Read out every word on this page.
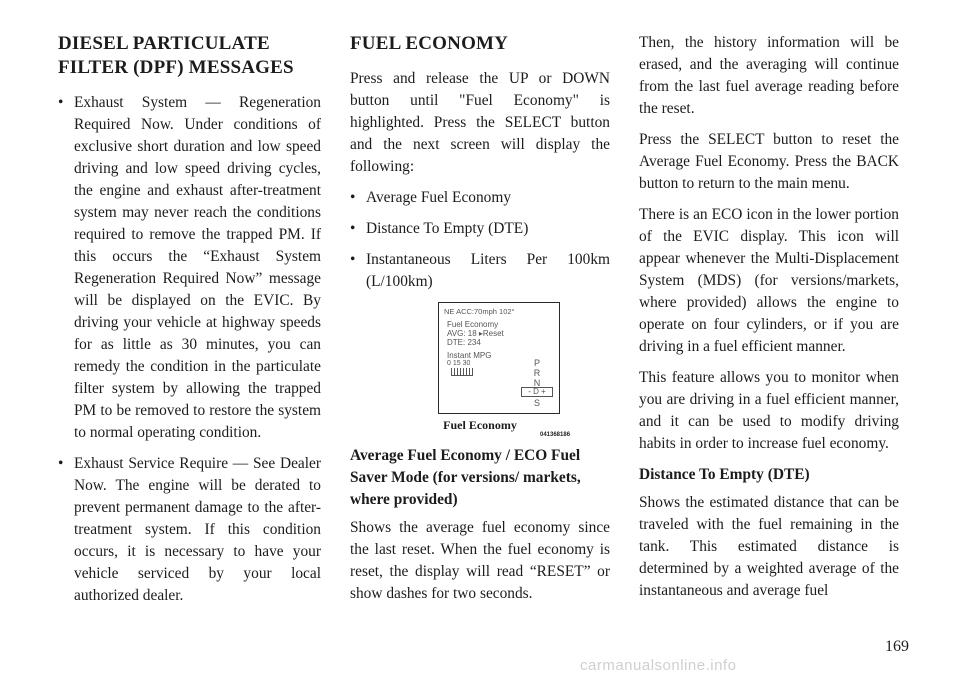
DIESEL PARTICULATE
FILTER (DPF) MESSAGES
• Exhaust System — Regeneration Required Now. Under conditions of exclusive short duration and low speed driving and low speed driving cycles, the engine and exhaust after-treatment system may never reach the conditions required to remove the trapped PM. If this occurs the “Exhaust System Regeneration Required Now” message will be displayed on the EVIC. By driving your vehicle at highway speeds for as little as 30 minutes, you can remedy the condition in the particulate filter system by allowing the trapped PM to be removed to restore the system to normal operating condition.
• Exhaust Service Require — See Dealer Now. The engine will be derated to prevent permanent damage to the after-treatment system. If this condition occurs, it is necessary to have your vehicle serviced by your local authorized dealer.
FUEL ECONOMY

Press and release the UP or DOWN button until "Fuel Economy" is highlighted. Press the SELECT button and the next screen will display the following:

• Average Fuel Economy
• Distance To Empty (DTE)
• Instantaneous Liters Per 100km (L/100km)
NE ACC:70mph 102°
Fuel Economy
AVG: 18 ▸Reset
DTE: 234
Instant MPG
0 15 30	P
R
N
S
- D +
Fuel Economy
Average Fuel Economy / ECO Fuel Saver Mode (for versions/ markets, where provided)

Shows the average fuel economy since the last reset. When the fuel economy is reset, the display will read “RESET” or show dashes for two seconds.

041368186

Then, the history information will be erased, and the averaging will continue from the last fuel average reading before the reset.

Press the SELECT button to reset the Average Fuel Economy. Press the BACK button to return to the main menu.

There is an ECO icon in the lower portion of the EVIC display. This icon will appear whenever the Multi-Displacement System (MDS) (for versions/markets, where provided) allows the engine to operate on four cylinders, or if you are driving in a fuel efficient manner.

This feature allows you to monitor when you are driving in a fuel efficient manner, and it can be used to modify driving habits in order to increase fuel economy.

Distance To Empty (DTE)

Shows the estimated distance that can be traveled with the fuel remaining in the tank. This estimated distance is determined by a weighted average of the instantaneous and average fuel

169
carmanualsonline.info
